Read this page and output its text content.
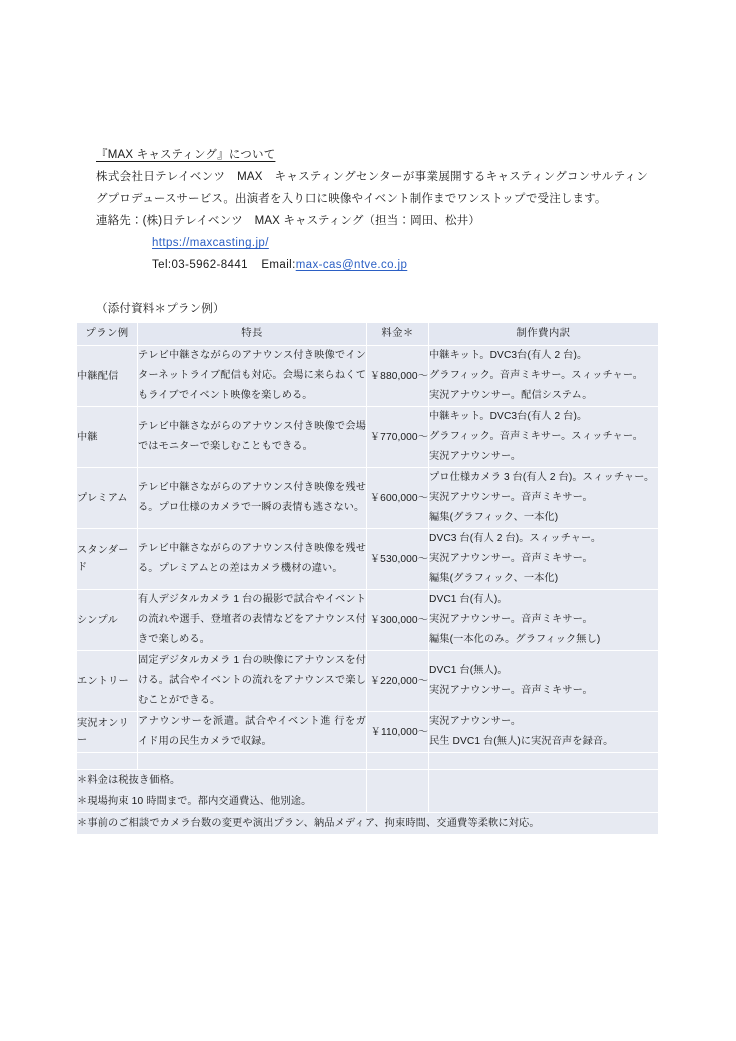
『MAX キャスティング』について

株式会社日テレイベンツ　MAX　キャスティングセンターが事業展開するキャスティングコンサルティングプロデュースサービス。出演者を入り口に映像やイベント制作までワンストップで受注します。

連絡先：(株)日テレイベンツ　MAX キャスティング（担当：岡田、松井）
https://maxcasting.jp/
Tel:03-5962-8441 Email:max-cas@ntve.co.jp
（添付資料＊プラン例）
プラン例	特長	料金＊	制作費内訳
中継配信	テレビ中継さながらのアナウンス付き映像でインターネットライブ配信も対応。会場に来らねくてもライブでイベント映像を楽しめる。	￥880,000～	中継キット。DVC3台(有人 2 台)。
グラフィック。音声ミキサー。スィッチャー。
実況アナウンサー。配信システム。

中継	テレビ中継さながらのアナウンス付き映像で会場ではモニターで楽しむこともできる。	￥770,000～	中継キット。DVC3台(有人 2 台)。
グラフィック。音声ミキサー。スィッチャー。
実況アナウンサー。

プレミアム	テレビ中継さながらのアナウンス付き映像を残せる。プロ仕様のカメラで一瞬の表情も逃さない。	￥600,000～	プロ仕様カメラ 3 台(有人 2 台)。スィッチャー。
実況アナウンサー。音声ミキサー。
編集(グラフィック、一本化)

スタンダード	テレビ中継さながらのアナウンス付き映像を残せる。プレミアムとの差はカメラ機材の違い。	￥530,000～	DVC3 台(有人 2 台)。スィッチャー。
実況アナウンサー。音声ミキサー。
編集(グラフィック、一本化)

シンプル	有人デジタルカメラ 1 台の撮影で試合やイベントの流れや選手、登壇者の表情などをアナウンス付きで楽しめる。	￥300,000～	DVC1 台(有人)。
実況アナウンサー。音声ミキサー。
編集(一本化のみ。グラフィック無し)

エントリー	固定デジタルカメラ 1 台の映像にアナウンスを付ける。試合やイベントの流れをアナウンスで楽しむことができる。	￥220,000～	DVC1 台(無人)。
実況アナウンサー。音声ミキサー。

実況オンリー	アナウンサーを派遣。試合やイベント進 行をガイド用の民生カメラで収録。	￥110,000～	実況アナウンサー。
民生 DVC1 台(無人)に実況音声を録音。

＊料金は税抜き価格。
＊現場拘束 10 時間まで。都内交通費込、他別途。			

＊事前のご相談でカメラ台数の変更や演出プラン、納品メディア、拘束時間、交通費等柔軟に対応。			
